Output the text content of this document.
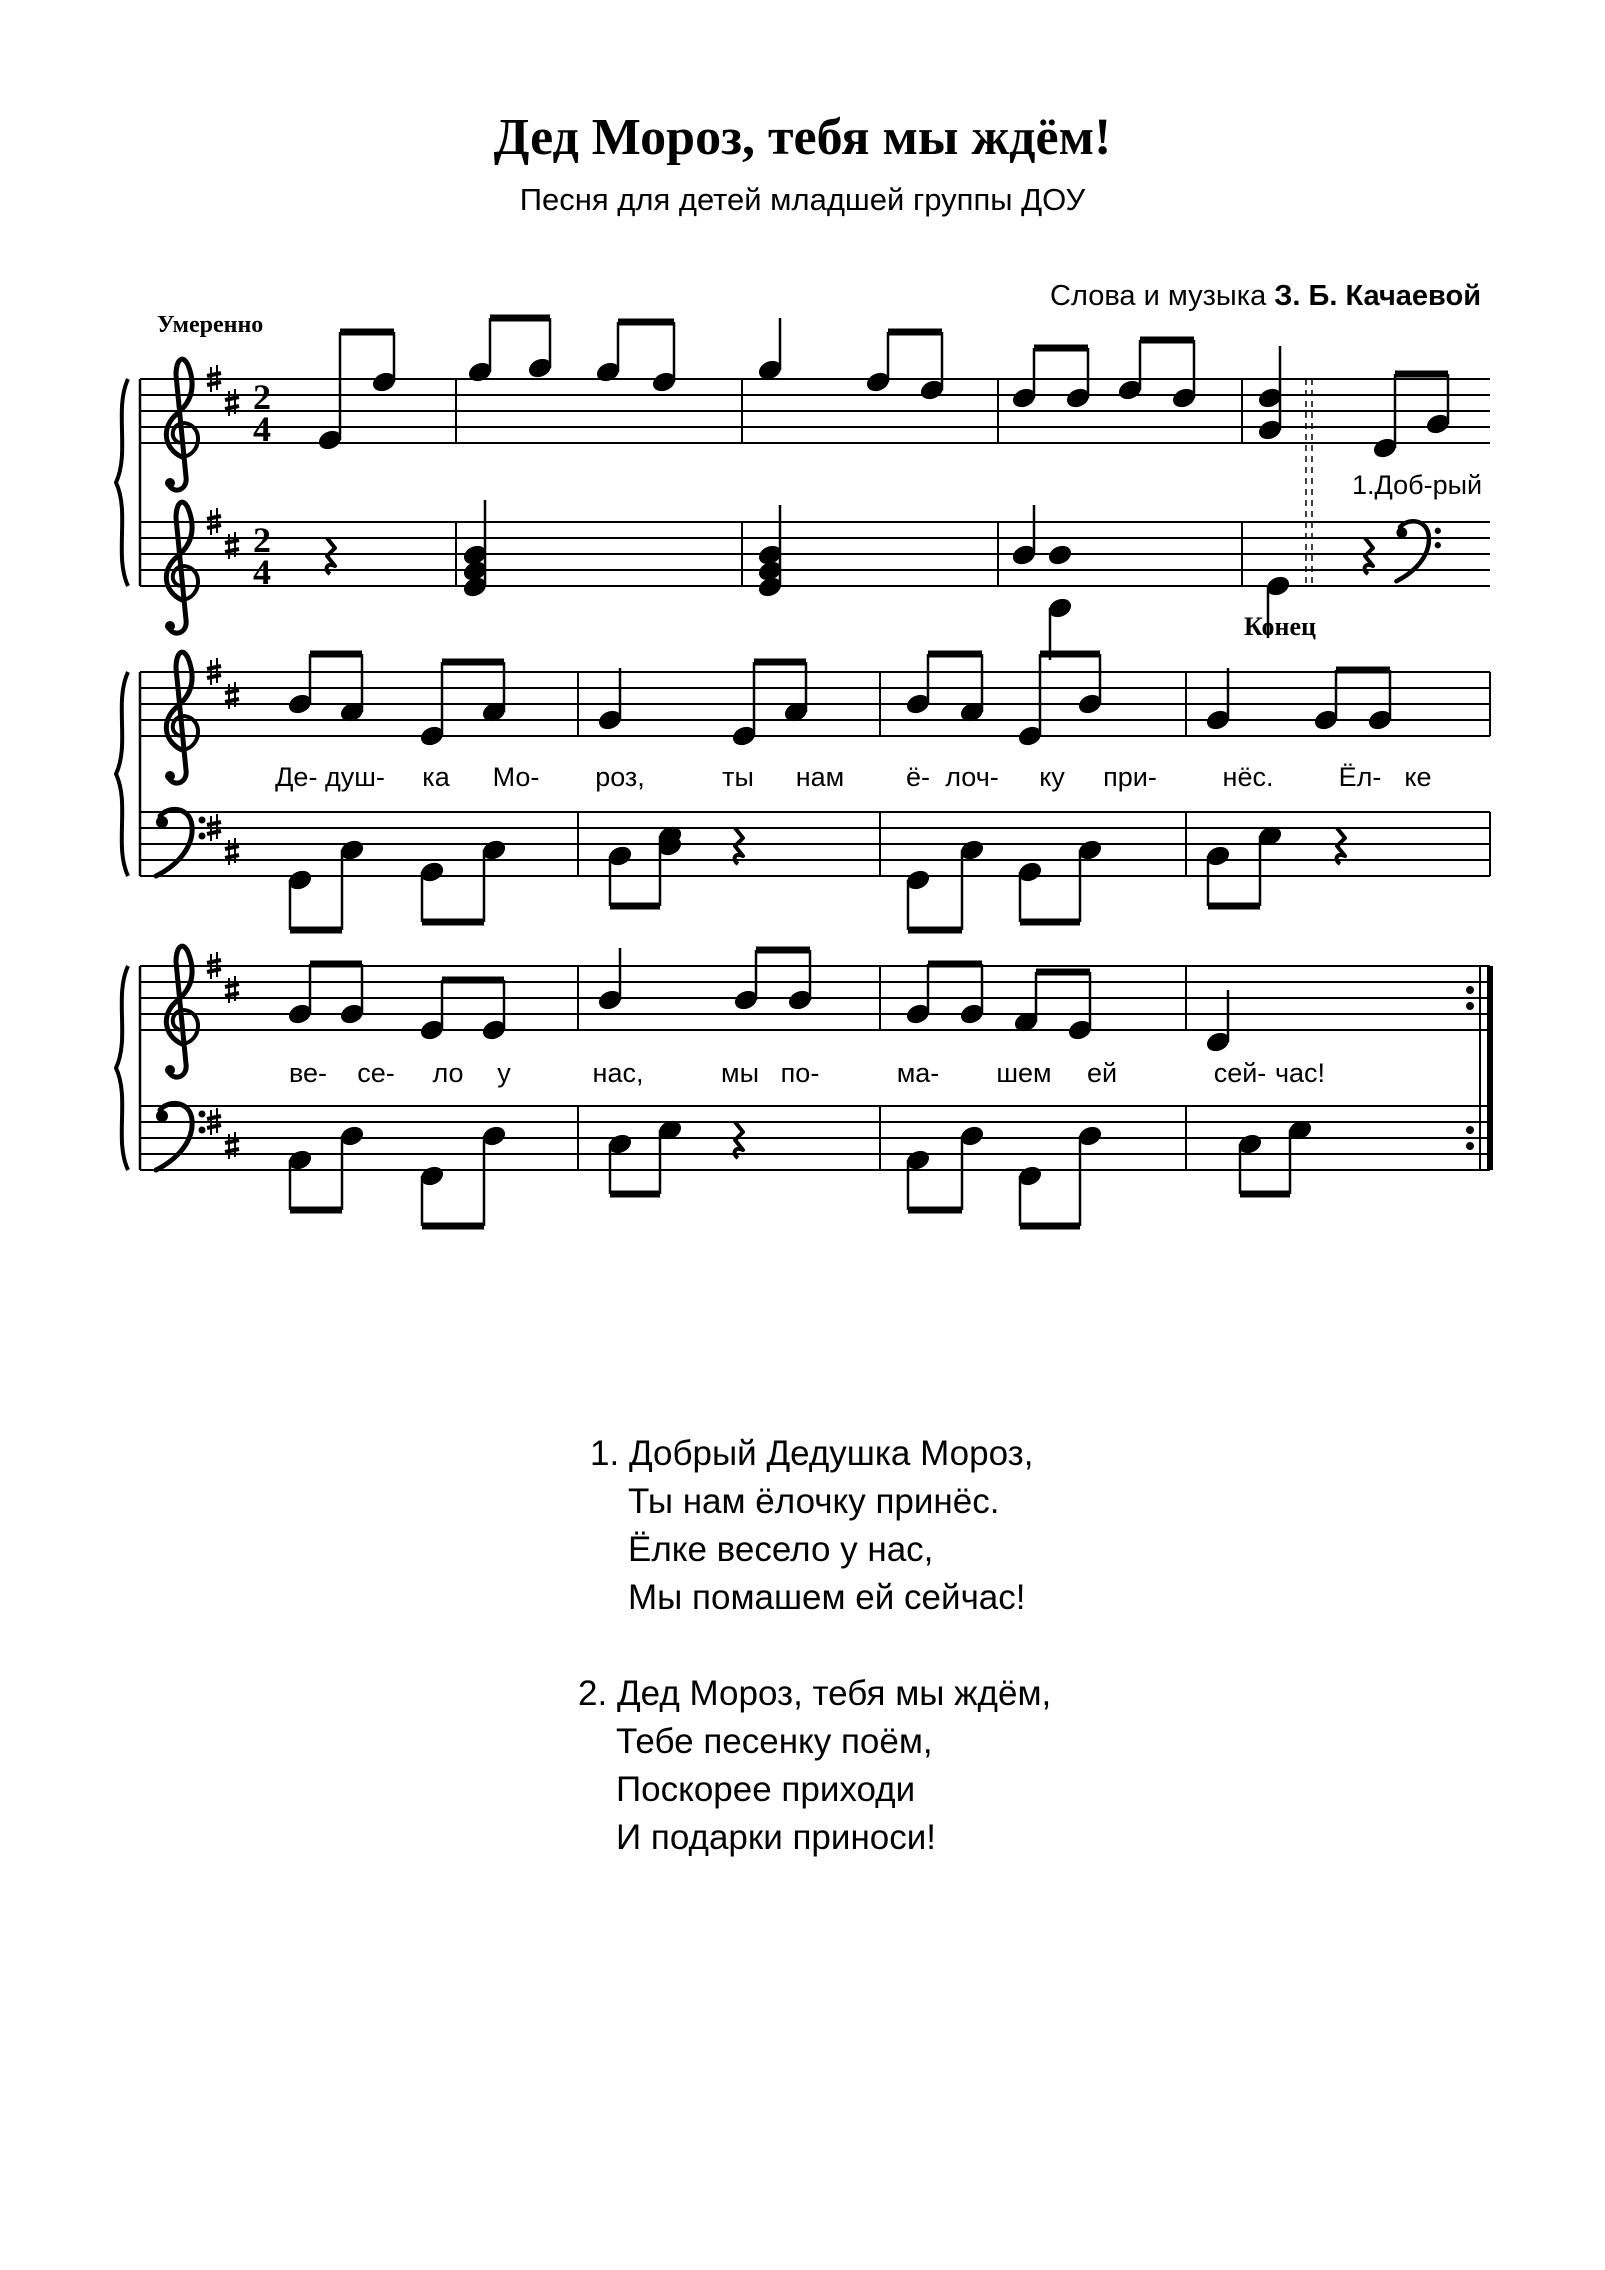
Дед Мороз, тебя мы ждём!
Песня для детей младшей группы ДОУ
Слова и музыка З. Б. Качаевой
Умеренно
2
4
2
4
Де- душ- ка Мо- роз,	ты нам ё- лоч- ку при- нёс. Ёл- ке
ве- се- ло у	нас,	мы по-	ма- шем ей	сей- час!
1.Доб-рый
Конец
1. Добрый Дедушка Мороз,
Ты нам ёлочку принёс.
Ёлке весело у нас,
Мы помашем ей сейчас!
2. Дед Мороз, тебя мы ждём,
Тебе песенку поём,
Поскорее приходи
И подарки приноси!
